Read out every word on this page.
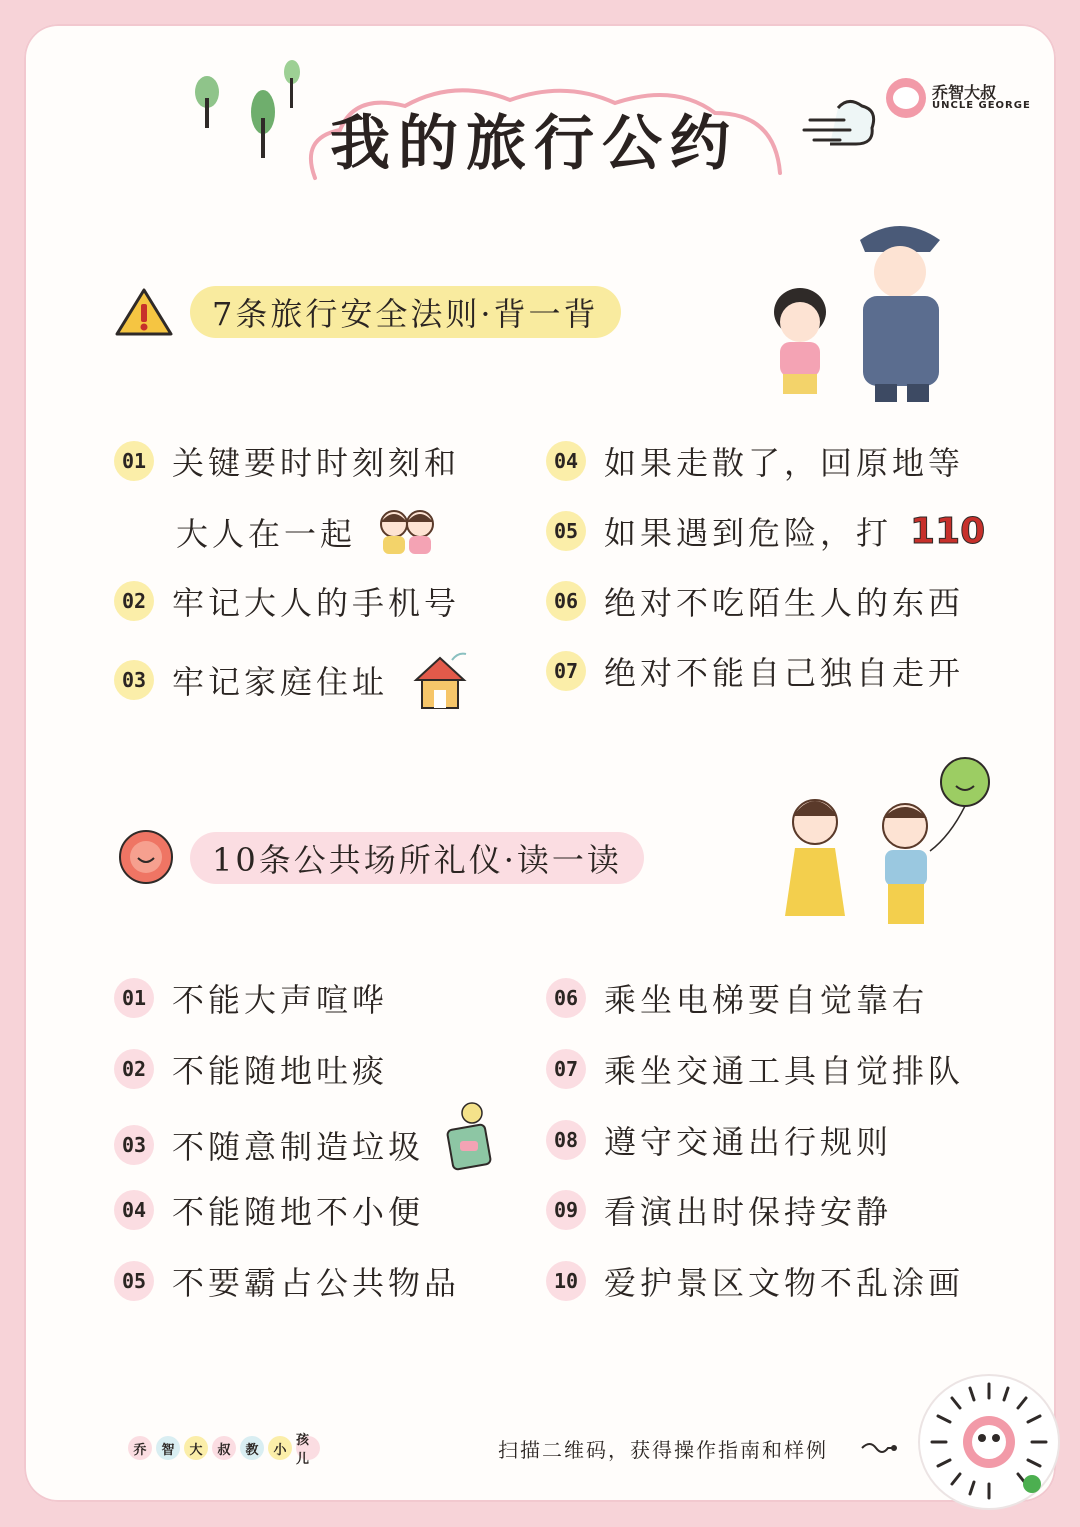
我的旅行公约
乔智大叔
UNCLE GEORGE
7条旅行安全法则·背一背
01 关键要时时刻刻和
大人在一起
02 牢记大人的手机号
03 牢记家庭住址
04 如果走散了，回原地等
05 如果遇到危险，打 110
06 绝对不吃陌生人的东西
07 绝对不能自己独自走开
10条公共场所礼仪·读一读
01 不能大声喧哗
02 不能随地吐痰
03 不随意制造垃圾
04 不能随地不小便
05 不要霸占公共物品
06 乘坐电梯要自觉靠右
07 乘坐交通工具自觉排队
08 遵守交通出行规则
09 看演出时保持安静
10 爱护景区文物不乱涂画
乔	智	大	叔	教	小
孩儿	扫描二维码，获得操作指南和样例
